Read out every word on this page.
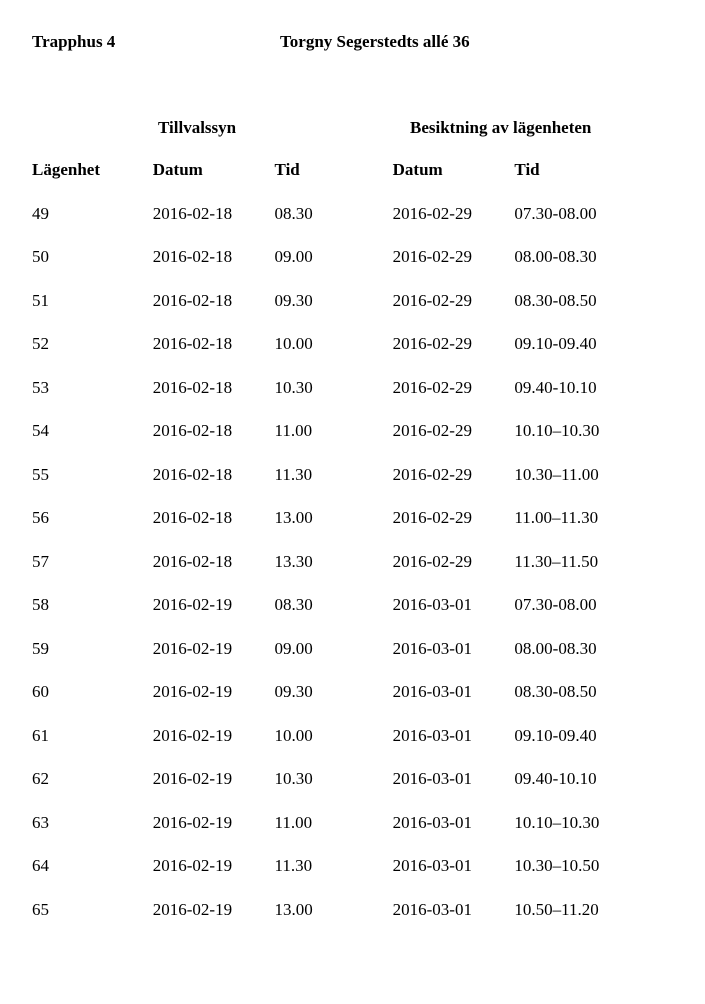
Trapphus 4	Torgny Segerstedts allé 36
Tillvalssyn	Besiktning av lägenheten
Lägenhet	Datum	Tid	Datum	Tid
49	2016-02-18	08.30	2016-02-29	07.30-08.00
50	2016-02-18	09.00	2016-02-29	08.00-08.30
51	2016-02-18	09.30	2016-02-29	08.30-08.50
52	2016-02-18	10.00	2016-02-29	09.10-09.40
53	2016-02-18	10.30	2016-02-29	09.40-10.10
54	2016-02-18	11.00	2016-02-29	10.10–10.30
55	2016-02-18	11.30	2016-02-29	10.30–11.00
56	2016-02-18	13.00	2016-02-29	11.00–11.30
57	2016-02-18	13.30	2016-02-29	11.30–11.50
58	2016-02-19	08.30	2016-03-01	07.30-08.00
59	2016-02-19	09.00	2016-03-01	08.00-08.30
60	2016-02-19	09.30	2016-03-01	08.30-08.50
61	2016-02-19	10.00	2016-03-01	09.10-09.40
62	2016-02-19	10.30	2016-03-01	09.40-10.10
63	2016-02-19	11.00	2016-03-01	10.10–10.30
64	2016-02-19	11.30	2016-03-01	10.30–10.50
65	2016-02-19	13.00	2016-03-01	10.50–11.20
